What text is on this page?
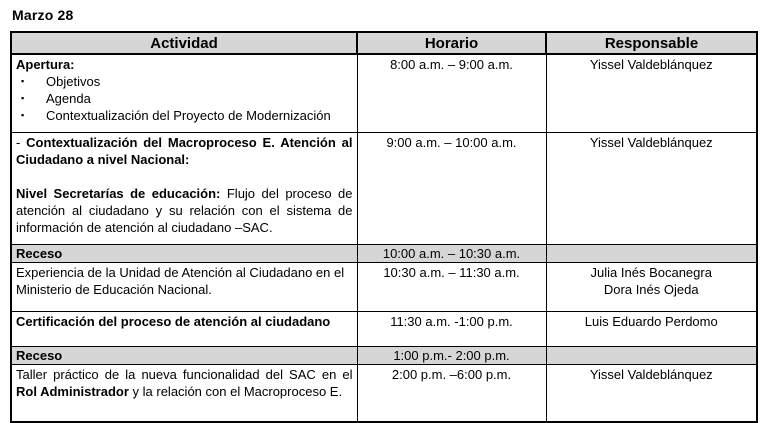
Marzo 28
Actividad	Horario	Responsable

Apertura:

▪ Objetivos
▪ Agenda
▪ Contextualización del Proyecto de Modernización
	8:00 a.m. – 9:00 a.m.	Yissel Valdeblánquez

- Contextualización del Macroproceso E. Atención al Ciudadano a nivel Nacional:

Nivel Secretarías de educación: Flujo del proceso de atención al ciudadano y su relación con el sistema de información de atención al ciudadano –SAC.	9:00 a.m. – 10:00 a.m.	Yissel Valdeblánquez
Receso	10:00 a.m. – 10:30 a.m.	
Experiencia de la Unidad de Atención al Ciudadano en el Ministerio de Educación Nacional.	10:30 a.m. – 11:30 a.m.	Julia Inés Bocanegra
Dora Inés Ojeda

Certificación del proceso de atención al ciudadano	11:30 a.m. -1:00 p.m.	Luis Eduardo Perdomo
Receso	1:00 p.m.- 2:00 p.m.	

Taller práctico de la nueva funcionalidad del SAC en el Rol Administrador y la relación con el Macroproceso E.	2:00 p.m. –6:00 p.m.	Yissel Valdeblánquez
